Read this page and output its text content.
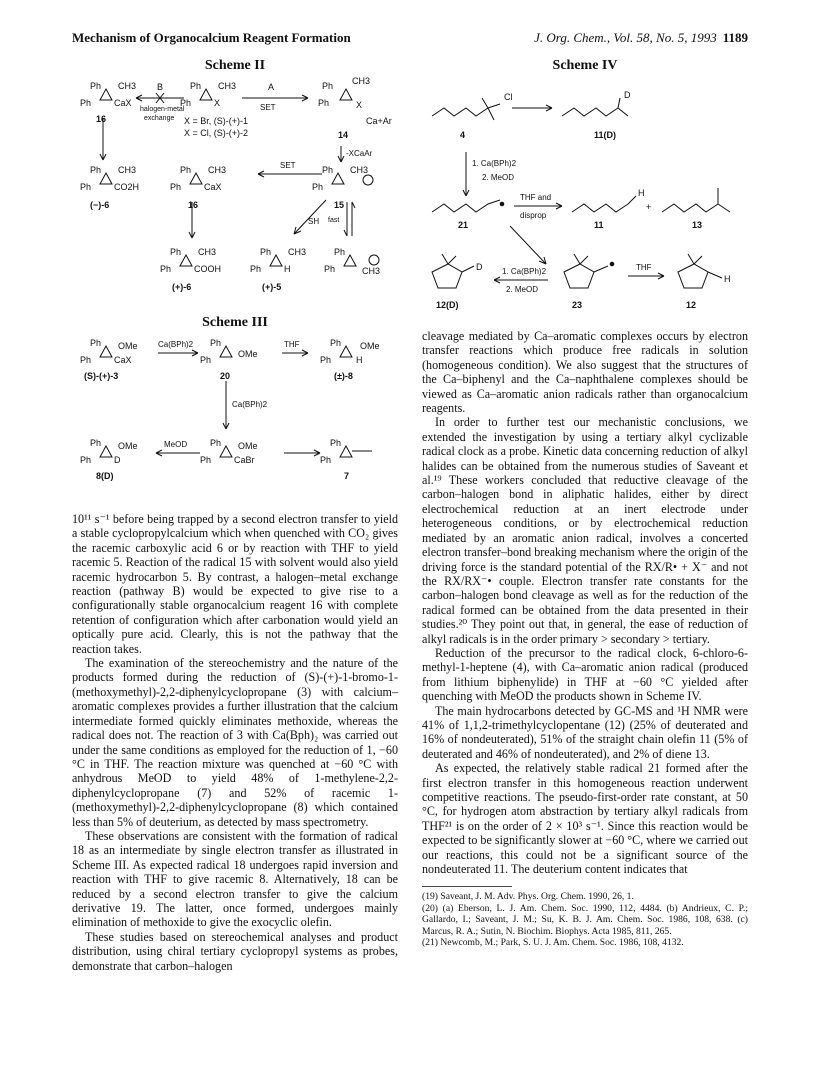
Mechanism of Organocalcium Reagent Formation	J. Org. Chem., Vol. 58, No. 5, 1993 1189
Scheme II
Ph CH3
Ph	CaX
16
B
halogen-metal
exchange
Ph CH3
Ph	X
X = Br, (S)-(+)-1
X = Cl, (S)-(+)-2
A
SET
Ph CH3
Ph	X
Ca+Ar
14
-XCaAr
Ph CH3
Ph	CO2H
(−)-6
Ph CH3
Ph	CaX
16
SET	Ph CH3
Ph
15
SH fast
Ph CH3
Ph	COOH
(+)-6
Ph CH3
Ph	H
(+)-5
Ph
Ph	CH3
Scheme III
Ph
Ph
OMe
CaX
(S)-(+)-3
Ca(BPh)2 Ph
Ph
OMe
20
THF	Ph
Ph
OMe
H
(±)-8
Ca(BPh)2
Ph
Ph
OMe
D
8(D)
MeOD	Ph
Ph
OMe
CaBr
Ph
Ph
7

10¹¹ s⁻¹ before being trapped by a second electron transfer to yield a stable cyclopropylcalcium which when quenched with CO₂ gives the racemic carboxylic acid 6 or by reaction with THF to yield racemic 5. Reaction of the radical 15 with solvent would also yield racemic hydrocarbon 5. By contrast, a halogen–metal exchange reaction (pathway B) would be expected to give rise to a configurationally stable organocalcium reagent 16 with complete retention of configuration which after carbonation would yield an optically pure acid. Clearly, this is not the pathway that the reaction takes.

The examination of the stereochemistry and the nature of the products formed during the reduction of (S)-(+)-1-bromo-1-(methoxymethyl)-2,2-diphenylcyclopropane (3) with calcium–aromatic complexes provides a further illustration that the calcium intermediate formed quickly eliminates methoxide, whereas the radical does not. The reaction of 3 with Ca(Bph)₂ was carried out under the same conditions as employed for the reduction of 1, −60 °C in THF. The reaction mixture was quenched at −60 °C with anhydrous MeOD to yield 48% of 1-methylene-2,2-diphenylcyclopropane (7) and 52% of racemic 1-(methoxymethyl)-2,2-diphenylcyclopropane (8) which contained less than 5% of deuterium, as detected by mass spectrometry.

These observations are consistent with the formation of radical 18 as an intermediate by single electron transfer as illustrated in Scheme III. As expected radical 18 undergoes rapid inversion and reaction with THF to give racemic 8. Alternatively, 18 can be reduced by a second electron transfer to give the calcium derivative 19. The latter, once formed, undergoes mainly elimination of methoxide to give the exocyclic olefin.

These studies based on stereochemical analyses and product distribution, using chiral tertiary cyclopropyl systems as probes, demonstrate that carbon–halogen

Scheme IV
Cl
4
D
11(D)
1. Ca(BPh)2
2. MeOD
21
THF and
disprop
H
11
+
13
D 1. Ca(BPh)2
2. MeOD
12(D)	23
THF
H
12

cleavage mediated by Ca–aromatic complexes occurs by electron transfer reactions which produce free radicals in solution (homogeneous condition). We also suggest that the structures of the Ca–biphenyl and the Ca–naphthalene complexes should be viewed as Ca–aromatic anion radicals rather than organocalcium reagents.

In order to further test our mechanistic conclusions, we extended the investigation by using a tertiary alkyl cyclizable radical clock as a probe. Kinetic data concerning reduction of alkyl halides can be obtained from the numerous studies of Saveant et al.¹⁹ These workers concluded that reductive cleavage of the carbon–halogen bond in aliphatic halides, either by direct electrochemical reduction at an inert electrode under heterogeneous conditions, or by electrochemical reduction mediated by an aromatic anion radical, involves a concerted electron transfer–bond breaking mechanism where the origin of the driving force is the standard potential of the RX/R• + X⁻ and not the RX/RX⁻• couple. Electron transfer rate constants for the carbon–halogen bond cleavage as well as for the reduction of the radical formed can be obtained from the data presented in their studies.²⁰ They point out that, in general, the ease of reduction of alkyl radicals is in the order primary > secondary > tertiary.

Reduction of the precursor to the radical clock, 6-chloro-6-methyl-1-heptene (4), with Ca–aromatic anion radical (produced from lithium biphenylide) in THF at −60 °C yielded after quenching with MeOD the products shown in Scheme IV.

The main hydrocarbons detected by GC-MS and ¹H NMR were 41% of 1,1,2-trimethylcyclopentane (12) (25% of deuterated and 16% of nondeuterated), 51% of the straight chain olefin 11 (5% of deuterated and 46% of nondeuterated), and 2% of diene 13.

As expected, the relatively stable radical 21 formed after the first electron transfer in this homogeneous reaction underwent competitive reactions. The pseudo-first-order rate constant, at 50 °C, for hydrogen atom abstraction by tertiary alkyl radicals from THF²¹ is on the order of 2 × 10³ s⁻¹. Since this reaction would be expected to be significantly slower at −60 °C, where we carried out our reactions, this could not be a significant source of the nondeuterated 11. The deuterium content indicates that

(19) Saveant, J. M. Adv. Phys. Org. Chem. 1990, 26, 1.

(20) (a) Eberson, L. J. Am. Chem. Soc. 1990, 112, 4484. (b) Andrieux, C. P.; Gallardo, I.; Saveant, J. M.; Su, K. B. J. Am. Chem. Soc. 1986, 108, 638. (c) Marcus, R. A.; Sutin, N. Biochim. Biophys. Acta 1985, 811, 265.

(21) Newcomb, M.; Park, S. U. J. Am. Chem. Soc. 1986, 108, 4132.
